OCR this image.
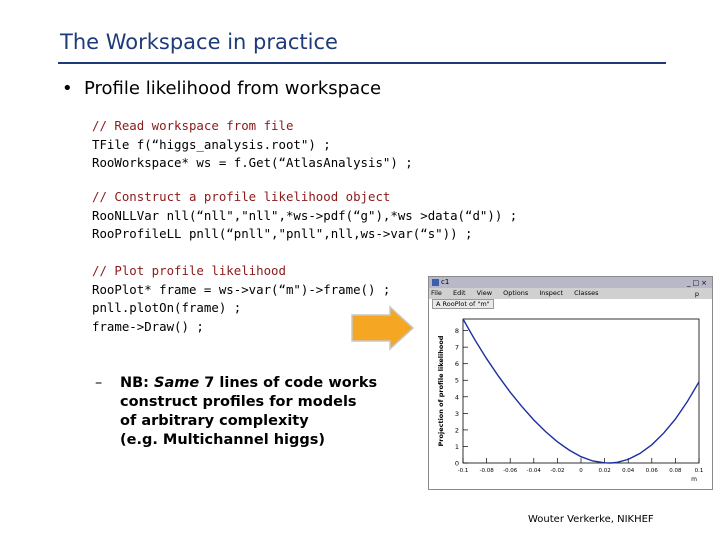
The Workspace in practice
• Profile likelihood from workspace
// Read workspace from file
TFile f(“higgs_analysis.root") ;
RooWorkspace* ws = f.Get(“AtlasAnalysis") ;
// Construct a profile likelihood object
RooNLLVar nll(“nll","nll",*ws->pdf(“g"),*ws >data(“d")) ;
RooProfileLL pnll(“pnll","pnll",nll,ws->var(“s")) ;
// Plot profile likelihood
RooPlot* frame = ws->var(“m")->frame() ;
pnll.plotOn(frame) ;
frame->Draw() ;
– NB: Same 7 lines of code works
construct profiles for models
of arbitrary complexity
(e.g. Multichannel higgs)
c1	_□×
File Edit View Options Inspect Classes	p
A RooPlot of "m"
0
1
2
3
4
5
6
7
8
-0.1 -0.08 -0.06 -0.04 -0.02	0	0.02 0.04 0.06 0.08 0.1
m
Projection of profile likelihood
Wouter Verkerke, NIKHEF
